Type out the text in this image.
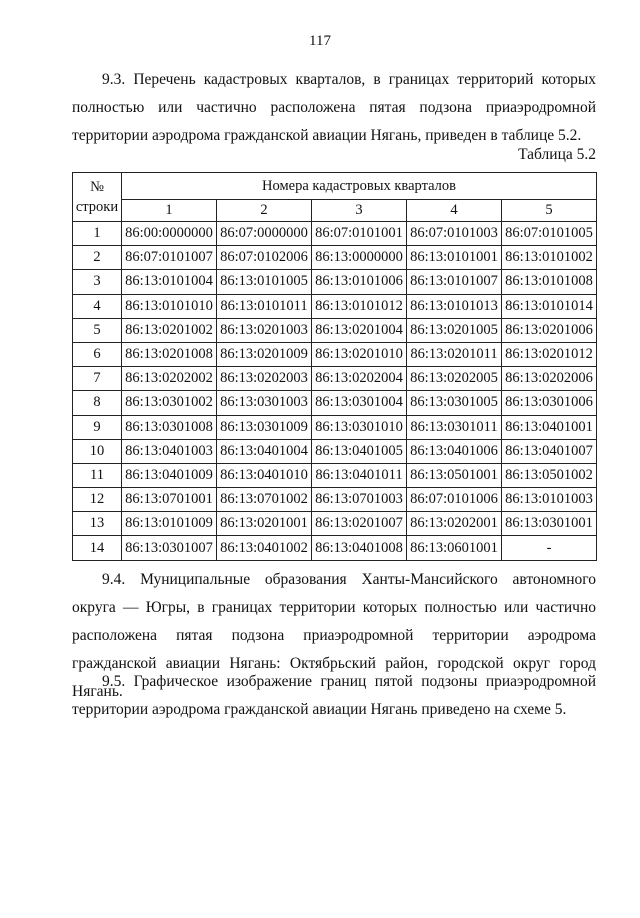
117

9.3. Перечень кадастровых кварталов, в границах территорий которых полностью или частично расположена пятая подзона приаэродромной территории аэродрома гражданской авиации Нягань, приведен в таблице 5.2.

Таблица 5.2
№ строки	Номера кадастровых кварталов				
	1	2	3	4	5
1	86:00:0000000	86:07:0000000	86:07:0101001	86:07:0101003	86:07:0101005
2	86:07:0101007	86:07:0102006	86:13:0000000	86:13:0101001	86:13:0101002
3	86:13:0101004	86:13:0101005	86:13:0101006	86:13:0101007	86:13:0101008
4	86:13:0101010	86:13:0101011	86:13:0101012	86:13:0101013	86:13:0101014
5	86:13:0201002	86:13:0201003	86:13:0201004	86:13:0201005	86:13:0201006
6	86:13:0201008	86:13:0201009	86:13:0201010	86:13:0201011	86:13:0201012
7	86:13:0202002	86:13:0202003	86:13:0202004	86:13:0202005	86:13:0202006
8	86:13:0301002	86:13:0301003	86:13:0301004	86:13:0301005	86:13:0301006
9	86:13:0301008	86:13:0301009	86:13:0301010	86:13:0301011	86:13:0401001
10	86:13:0401003	86:13:0401004	86:13:0401005	86:13:0401006	86:13:0401007
11	86:13:0401009	86:13:0401010	86:13:0401011	86:13:0501001	86:13:0501002
12	86:13:0701001	86:13:0701002	86:13:0701003	86:07:0101006	86:13:0101003
13	86:13:0101009	86:13:0201001	86:13:0201007	86:13:0202001	86:13:0301001
14	86:13:0301007	86:13:0401002	86:13:0401008	86:13:0601001	-

9.4. Муниципальные образования Ханты-Мансийского автономного округа — Югры, в границах территории которых полностью или частично расположена пятая подзона приаэродромной территории аэродрома гражданской авиации Нягань: Октябрьский район, городской округ город Нягань.

9.5. Графическое изображение границ пятой подзоны приаэродромной территории аэродрома гражданской авиации Нягань приведено на схеме 5.
